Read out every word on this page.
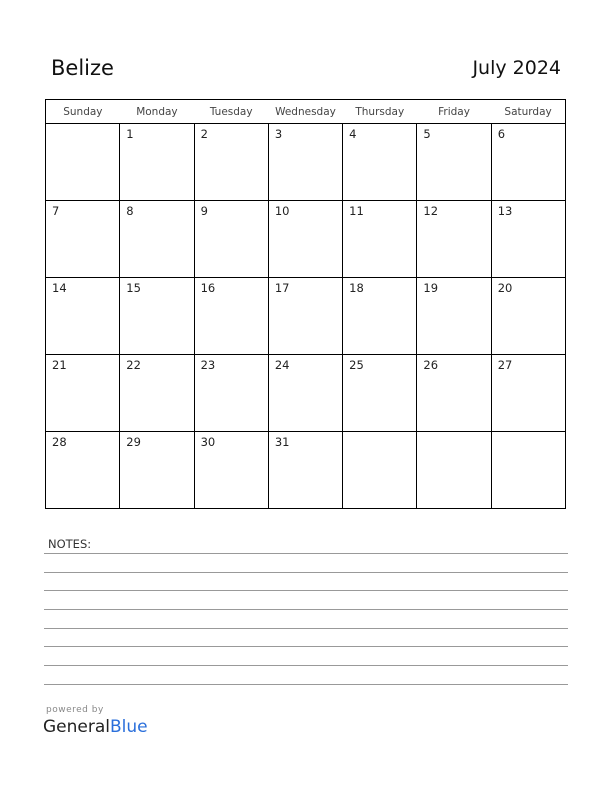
Belize	July 2024
Sunday	Monday	Tuesday	Wednesday	Thursday	Friday	Saturday

	1	2	3	4	5	6

7	8	9	10	11	12	13

14	15	16	17	18	19	20

21	22	23	24	25	26	27

28	29	30	31			

NOTES:
powered by
GeneralBlue
